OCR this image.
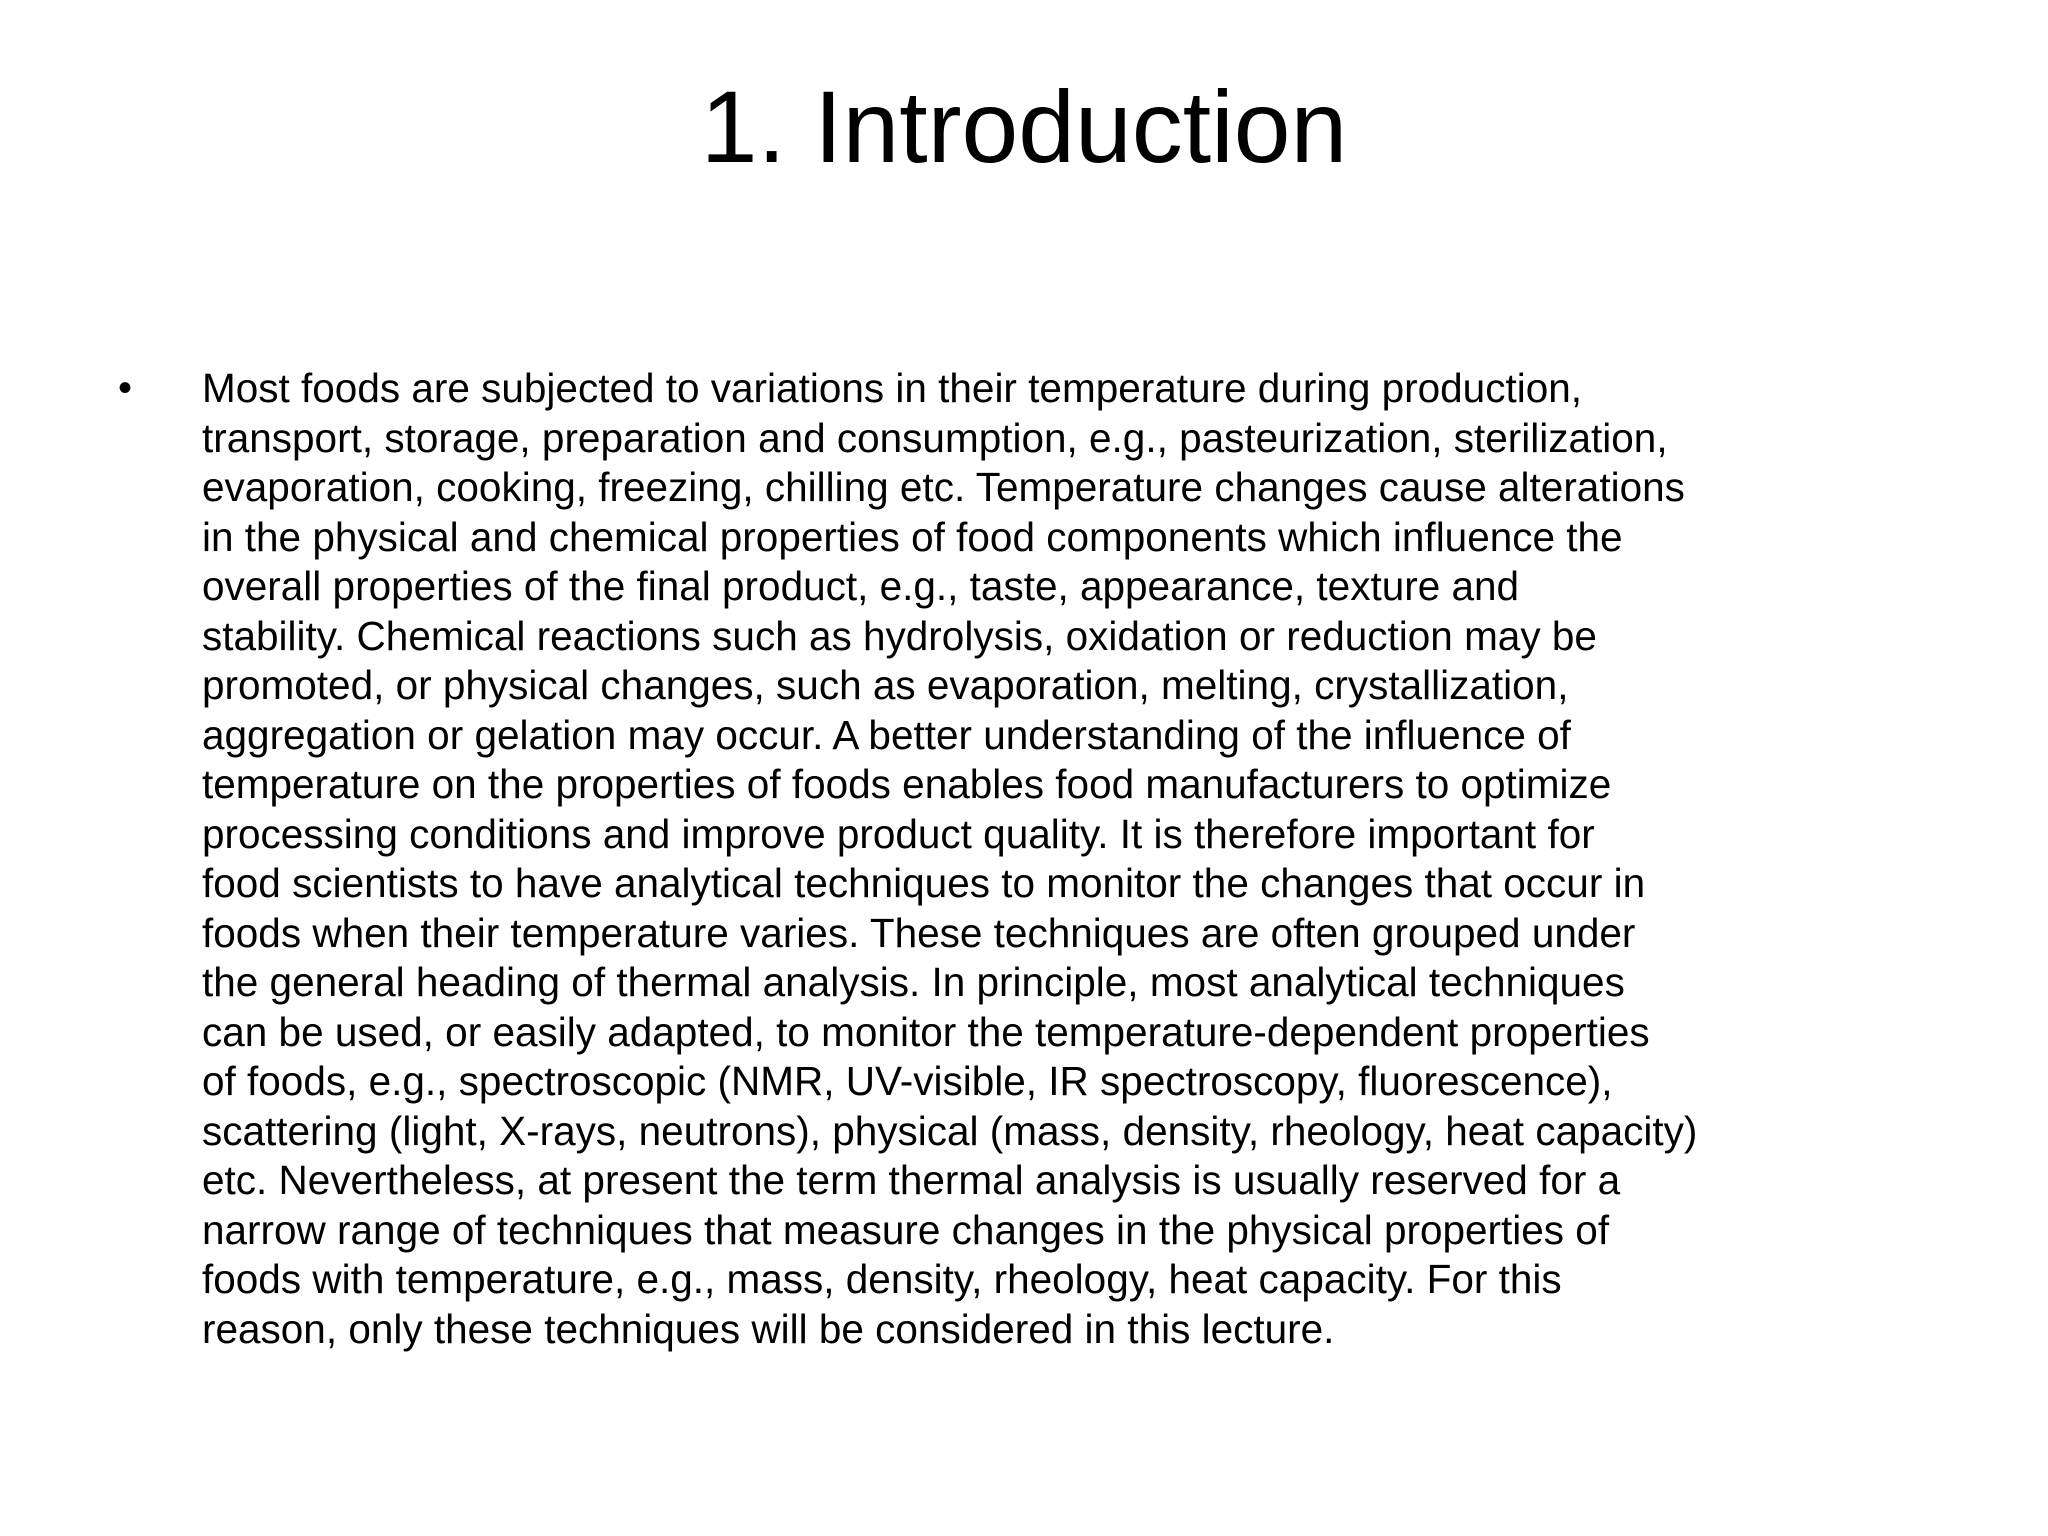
1. Introduction
• Most foods are subjected to variations in their temperature during production,
transport, storage, preparation and consumption, e.g., pasteurization, sterilization,
evaporation, cooking, freezing, chilling etc. Temperature changes cause alterations
in the physical and chemical properties of food components which influence the
overall properties of the final product, e.g., taste, appearance, texture and
stability. Chemical reactions such as hydrolysis, oxidation or reduction may be
promoted, or physical changes, such as evaporation, melting, crystallization,
aggregation or gelation may occur. A better understanding of the influence of
temperature on the properties of foods enables food manufacturers to optimize
processing conditions and improve product quality. It is therefore important for
food scientists to have analytical techniques to monitor the changes that occur in
foods when their temperature varies. These techniques are often grouped under
the general heading of thermal analysis. In principle, most analytical techniques
can be used, or easily adapted, to monitor the temperature-dependent properties
of foods, e.g., spectroscopic (NMR, UV-visible, IR spectroscopy, fluorescence),
scattering (light, X-rays, neutrons), physical (mass, density, rheology, heat capacity)
etc. Nevertheless, at present the term thermal analysis is usually reserved for a
narrow range of techniques that measure changes in the physical properties of
foods with temperature, e.g., mass, density, rheology, heat capacity. For this
reason, only these techniques will be considered in this lecture.
